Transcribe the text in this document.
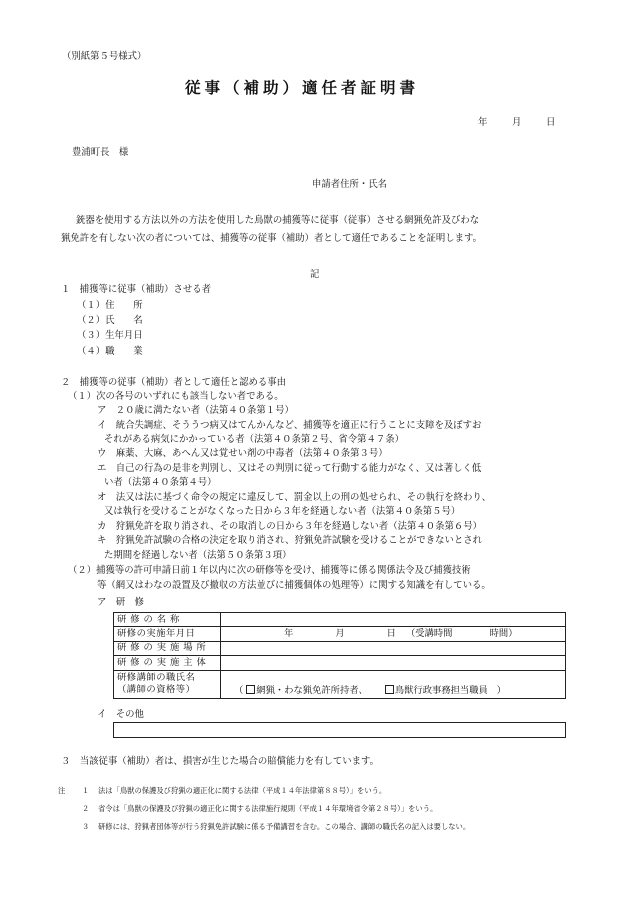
（別紙第５号様式）
従事（補助）適任者証明書
年	月	日
豊浦町長　様
申請者住所・氏名
銃器を使用する方法以外の方法を使用した鳥獣の捕獲等に従事（従事）させる網猟免許及びわな
猟免許を有しない次の者については、捕獲等の従事（補助）者として適任であることを証明します。
記
１　捕獲等に従事（補助）させる者
（１）住　　所
（２）氏　　名
（３）生年月日
（４）職　　業
２　捕獲等の従事（補助）者として適任と認める事由
（１）次の各号のいずれにも該当しない者である。
ア　２０歳に満たない者（法第４０条第１号）
イ　統合失調症、そううつ病又はてんかんなど、捕獲等を適正に行うことに支障を及ぼすお
それがある病気にかかっている者（法第４０条第２号、省令第４７条）
ウ　麻薬、大麻、あへん又は覚せい剤の中毒者（法第４０条第３号）
エ　自己の行為の是非を判別し、又はその判別に従って行動する能力がなく、又は著しく低
い者（法第４０条第４号）
オ　法又は法に基づく命令の規定に違反して、罰金以上の刑の処せられ、その執行を終わり、
又は執行を受けることがなくなった日から３年を経過しない者（法第４０条第５号）
カ　狩猟免許を取り消され、その取消しの日から３年を経過しない者（法第４０条第６号）
キ　狩猟免許試験の合格の決定を取り消され、狩猟免許試験を受けることができないとされ
た期間を経過しない者（法第５０条第３項）
（２）捕獲等の許可申請日前１年以内に次の研修等を受け、捕獲等に係る関係法令及び捕獲技術
等（網又はわなの設置及び撤収の方法並びに捕獲個体の処理等）に関する知識を有している。
ア　研　修
研 修 の 名 称	
研修の実施年月日	年 月 日 （受講時間　　　　時間）
研 修 の 実 施 場 所	
研 修 の 実 施 主 体	

研修講師の職氏名
（講師の資格等）	（ 網猟・わな猟免許所持者、 鳥獣行政事務担当職員 ）
イ　その他
３　当該従事（補助）者は、損害が生じた場合の賠償能力を有しています。
注 １ 法は「鳥獣の保護及び狩猟の適正化に関する法律（平成１４年法律第８８号）」をいう。
２ 省令は「鳥獣の保護及び狩猟の適正化に関する法律施行規則（平成１４年環境省令第２８号）」をいう。
３ 研修には、狩猟者団体等が行う狩猟免許試験に係る予備講習を含む。この場合、講師の職氏名の記入は要しない。
